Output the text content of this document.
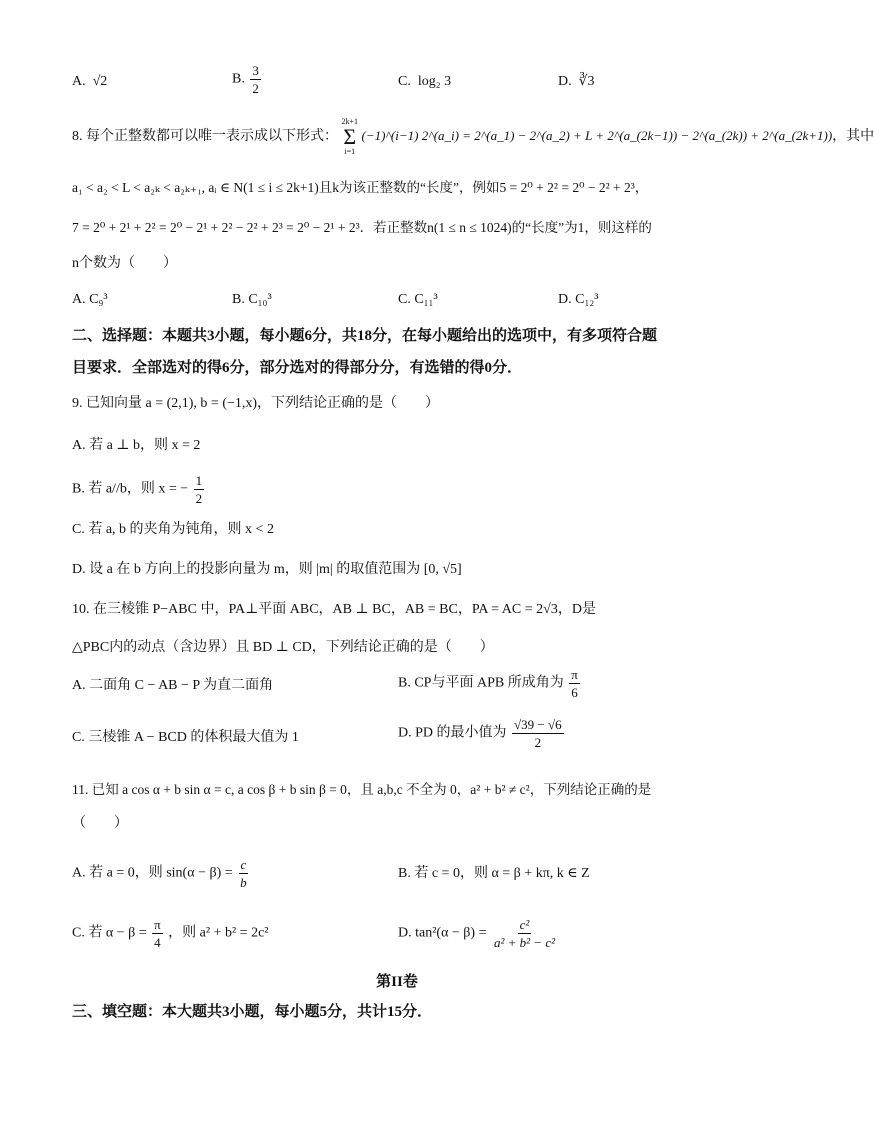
A. √2	B. $\frac{3}{2}$	C. log₂ 3	D. ∛3
8. 每个正整数都可以唯一表示成以下形式：
2k+1
Σ
i=1
(−1)^(i−1) 2^(a_i) = 2^(a_1) − 2^(a_2) + L + 2^(a_(2k−1)) − 2^(a_(2k)) + 2^(a_(2k+1))，其中
a₁ < a₂ < L < a₂ₖ < a₂ₖ₊₁, aᵢ ∈ N(1 ≤ i ≤ 2k+1)且k为该正整数的“长度”，例如5 = 2⁰ + 2² = 2⁰ − 2² + 2³，
7 = 2⁰ + 2¹ + 2² = 2⁰ − 2¹ + 2² − 2² + 2³ = 2⁰ − 2¹ + 2³．若正整数n(1 ≤ n ≤ 1024)的“长度”为1，则这样的
n个数为（　　）
A. C₉³	B. C₁₀³	C. C₁₁³	D. C₁₂³
二、选择题：本题共3小题，每小题6分，共18分，在每小题给出的选项中，有多项符合题
目要求．全部选对的得6分，部分选对的得部分分，有选错的得0分．
9. 已知向量 a = (2,1), b = (−1,x)，下列结论正确的是（　　）
A. 若 a ⊥ b，则 x = 2
B. 若 a//b，则 x = − $\frac{1}{2}$
C. 若 a, b 的夹角为钝角，则 x < 2
D. 设 a 在 b 方向上的投影向量为 m，则 |m| 的取值范围为 [0, √5]
10. 在三棱锥 P−ABC 中，PA⊥平面 ABC，AB ⊥ BC，AB = BC，PA = AC = 2√3，D是
△PBC内的动点（含边界）且 BD ⊥ CD，下列结论正确的是（　　）
A. 二面角 C − AB − P 为直二面角	B. CP与平面 APB 所成角为 $\frac{\pi}{6}$
C. 三棱锥 A − BCD 的体积最大值为 1	D. PD 的最小值为 $\frac{√39 - √6}{2}$
11. 已知 a cos α + b sin α = c, a cos β + b sin β = 0，且 a,b,c 不全为 0，a² + b² ≠ c²，下列结论正确的是
（　　）
A. 若 a = 0，则 $\sin(\alpha - \beta) = \frac{c}{b}$	B. 若 c = 0，则 α = β + kπ, k ∈ Z
C. 若 $\alpha - \beta = \frac{\pi}{4}$ ，则 a² + b² = 2c²	D. $\tan^2(\alpha - \beta) = \frac{\text{c²}}{\text{a² + b² − c²}}$
第II卷
三、填空题：本大题共3小题，每小题5分，共计15分．
